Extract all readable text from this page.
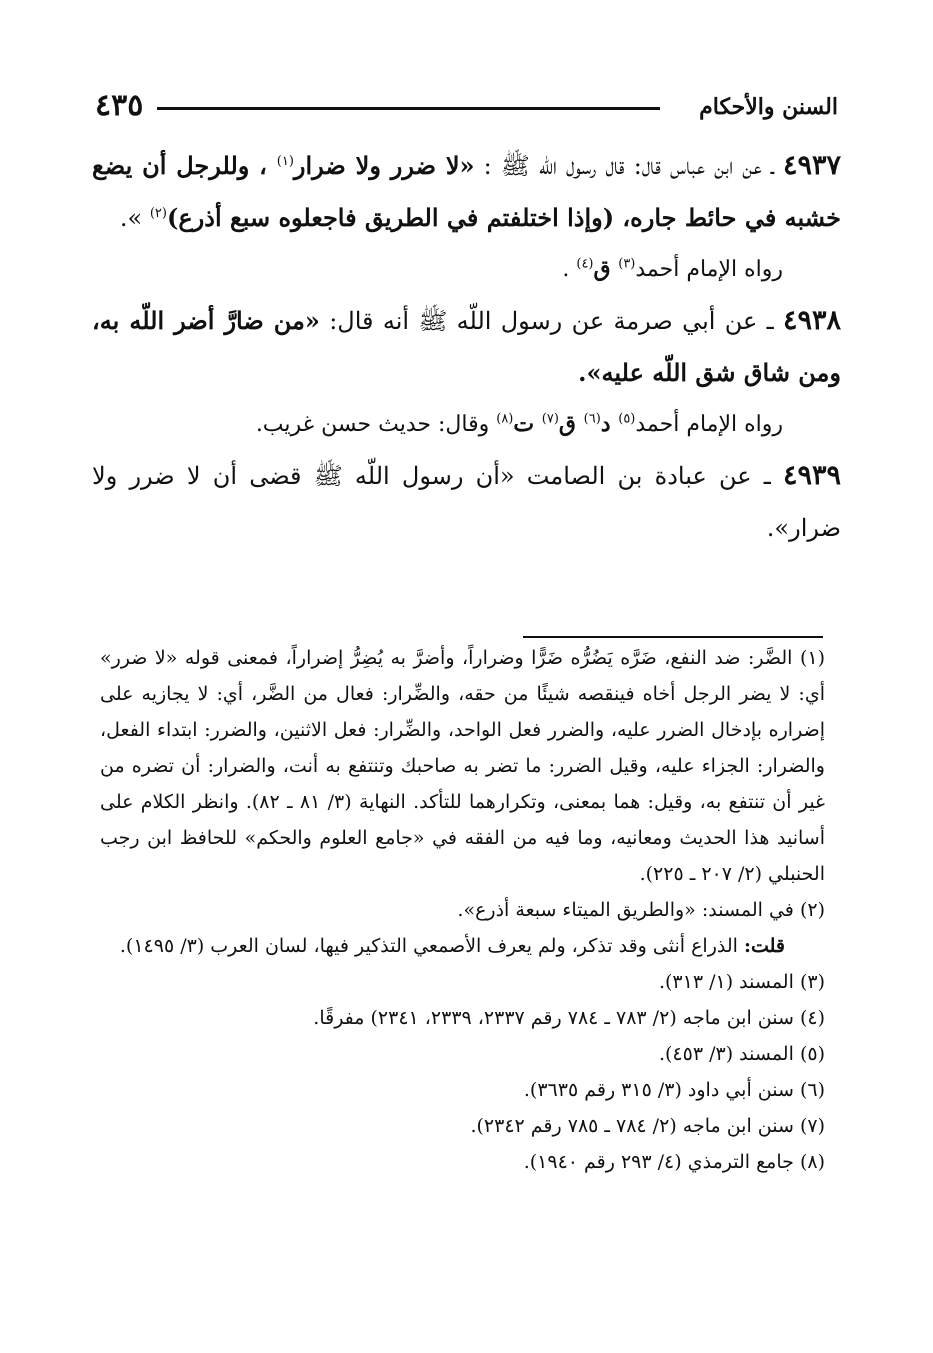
٤٣٥	السنن والأحكام

٤٩٣٧ ـ عن ابن عباس قال: قال رسول اللّه ﷺ : «لا ضرر ولا ضرار$^{(١)}$ ، وللرجل أن يضع خشبه في حائط جاره، (وإذا اختلفتم في الطريق فاجعلوه سبع أذرع)$^{(٢)}$ ».

رواه الإمام أحمد$^{(٣)}$ ق$^{(٤)}$ .

٤٩٣٨ ـ عن أبي صرمة عن رسول اللّه ﷺ أنه قال: «من ضارَّ أضر اللّه به، ومن شاق شق اللّه عليه».

رواه الإمام أحمد$^{(٥)}$ د$^{(٦)}$ ق$^{(٧)}$ ت$^{(٨)}$ وقال: حديث حسن غريب.

٤٩٣٩ ـ عن عبادة بن الصامت «أن رسول اللّه ﷺ قضى أن لا ضرر ولا ضرار».

(١) الضَّر: ضد النفع، ضَرَّه يَضُرُّه ضَرًّا وضراراً، وأضرَّ به يُضِرُّ إضراراً، فمعنى قوله «لا ضرر» أي: لا يضر الرجل أخاه فينقصه شيئًا من حقه، والضِّرار: فعال من الضَّر، أي: لا يجازيه على إضراره بإدخال الضرر عليه، والضرر فعل الواحد، والضِّرار: فعل الاثنين، والضرر: ابتداء الفعل، والضرار: الجزاء عليه، وقيل الضرر: ما تضر به صاحبك وتنتفع به أنت، والضرار: أن تضره من غير أن تنتفع به، وقيل: هما بمعنى، وتكرارهما للتأكد. النهاية (٣/ ٨١ ـ ٨٢). وانظر الكلام على أسانيد هذا الحديث ومعانيه، وما فيه من الفقه في «جامع العلوم والحكم» للحافظ ابن رجب الحنبلي (٢/ ٢٠٧ ـ ٢٢٥).

(٢) في المسند: «والطريق الميتاء سبعة أذرع».

قلت: الذراع أنثى وقد تذكر، ولم يعرف الأصمعي التذكير فيها، لسان العرب (٣/ ١٤٩٥).

(٣) المسند (١/ ٣١٣).

(٤) سنن ابن ماجه (٢/ ٧٨٣ ـ ٧٨٤ رقم ٢٣٣٧، ٢٣٣٩، ٢٣٤١) مفرقًا.

(٥) المسند (٣/ ٤٥٣).

(٦) سنن أبي داود (٣/ ٣١٥ رقم ٣٦٣٥).

(٧) سنن ابن ماجه (٢/ ٧٨٤ ـ ٧٨٥ رقم ٢٣٤٢).

(٨) جامع الترمذي (٤/ ٢٩٣ رقم ١٩٤٠).
